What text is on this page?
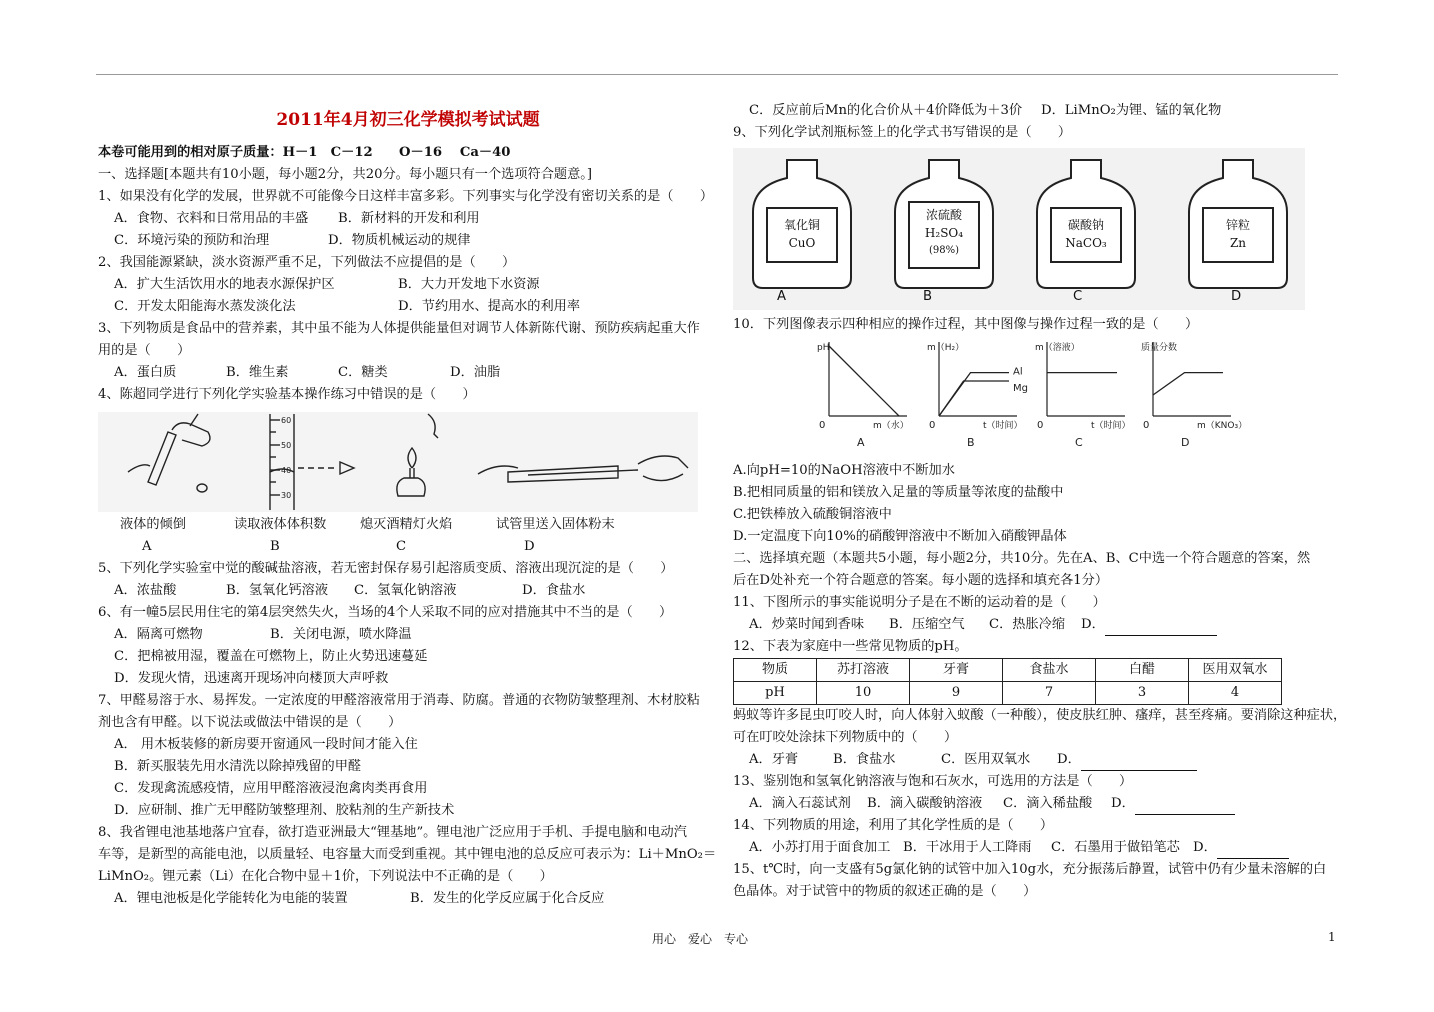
2011年4月初三化学模拟考试试题
本卷可能用到的相对原子质量：H－1　C－12　　O－16　 Ca－40
一、选择题[本题共有10小题，每小题2分，共20分。每小题只有一个选项符合题意。]
1、如果没有化学的发展，世界就不可能像今日这样丰富多彩。下列事实与化学没有密切关系的是（　　）
A．食物、衣料和日常用品的丰盛 B．新材料的开发和利用
C．环境污染的预防和治理	D．物质机械运动的规律
2、我国能源紧缺，淡水资源严重不足，下列做法不应提倡的是（　　）
A．扩大生活饮用水的地表水源保护区	B．大力开发地下水资源
C．开发太阳能海水蒸发淡化法	D．节约用水、提高水的利用率
3、下列物质是食品中的营养素，其中虽不能为人体提供能量但对调节人体新陈代谢、预防疾病起重大作
用的是（　　）
A．蛋白质	B．维生素	C．糖类	D．油脂
4、陈超同学进行下列化学实验基本操作练习中错误的是（　　）
60
50
40
30
液体的倾倒	读取液体体积数	熄灭酒精灯火焰	试管里送入固体粉末
A	B	C	D
5、下列化学实验室中觉的酸碱盐溶液，若无密封保存易引起溶质变质、溶液出现沉淀的是（　　）
A．浓盐酸	B．氢氧化钙溶液 C．氢氧化钠溶液	D．食盐水
6、有一幢5层民用住宅的第4层突然失火，当场的4个人采取不同的应对措施其中不当的是（　　）
A．隔离可燃物	B．关闭电源，喷水降温
C．把棉被用湿，覆盖在可燃物上，防止火势迅速蔓延
D．发现火情，迅速离开现场冲向楼顶大声呼救
7、甲醛易溶于水、易挥发。一定浓度的甲醛溶液常用于消毒、防腐。普通的衣物防皱整理剂、木材胶粘
剂也含有甲醛。以下说法或做法中错误的是（　　）
A． 用木板装修的新房要开窗通风一段时间才能入住
B．新买服装先用水清洗以除掉残留的甲醛
C．发现禽流感疫情，应用甲醛溶液浸泡禽肉类再食用
D．应研制、推广无甲醛防皱整理剂、胶粘剂的生产新技术
8、我省锂电池基地落户宜春，欲打造亚洲最大“锂基地”。锂电池广泛应用于手机、手提电脑和电动汽
车等，是新型的高能电池，以质量轻、电容量大而受到重视。其中锂电池的总反应可表示为：Li＋MnO₂＝
LiMnO₂。锂元素（Li）在化合物中显＋1价，下列说法中不正确的是（　　）
A．锂电池板是化学能转化为电能的装置	B．发生的化学反应属于化合反应
C．反应前后Mn的化合价从＋4价降低为＋3价 D．LiMnO₂为锂、锰的氧化物
9、下列化学试剂瓶标签上的化学式书写错误的是（　　）
氧化铜
CuO
浓硫酸
H₂SO₄
(98%)
碳酸钠
NaCO₃
锌粒
Zn
A	B	C	D
10．下列图像表示四种相应的操作过程，其中图像与操作过程一致的是（　　）
pH
m（水）
0
A
m（H₂）
t（时间）
0
B
Al
Mg
m（溶液）
t（时间）
0
C
质量分数
m（KNO₃）
0
D
A.向pH=10的NaOH溶液中不断加水
B.把相同质量的铝和镁放入足量的等质量等浓度的盐酸中
C.把铁棒放入硫酸铜溶液中
D.一定温度下向10%的硝酸钾溶液中不断加入硝酸钾晶体
二、选择填充题（本题共5小题，每小题2分，共10分。先在A、B、C中选一个符合题意的答案，然
后在D处补充一个符合题意的答案。每小题的选择和填充各1分）
11、下图所示的事实能说明分子是在不断的运动着的是（　　）
A．炒菜时闻到香味 B．压缩空气 C．热胀冷缩 D．
12、下表为家庭中一些常见物质的pH。
物质	苏打溶液	牙膏	食盐水	白醋	医用双氧水
pH	10	9	7	3	4
蚂蚁等许多昆虫叮咬人时，向人体射入蚁酸（一种酸），使皮肤红肿、瘙痒，甚至疼痛。要消除这种症状，
可在叮咬处涂抹下列物质中的（　　）
A．牙膏	B．食盐水	C．医用双氧水 D．
13、鉴别饱和氢氧化钠溶液与饱和石灰水，可选用的方法是（　　）
A．滴入石蕊试剂 B．滴入碳酸钠溶液 C．滴入稀盐酸 D．
14、下列物质的用途，利用了其化学性质的是（　　）
A．小苏打用于面食加工 B．干冰用于人工降雨 C．石墨用于做铅笔芯 D．
15、t℃时，向一支盛有5g氯化钠的试管中加入10g水，充分振荡后静置，试管中仍有少量未溶解的白
色晶体。对于试管中的物质的叙述正确的是（　　）
用心　爱心　专心	1
